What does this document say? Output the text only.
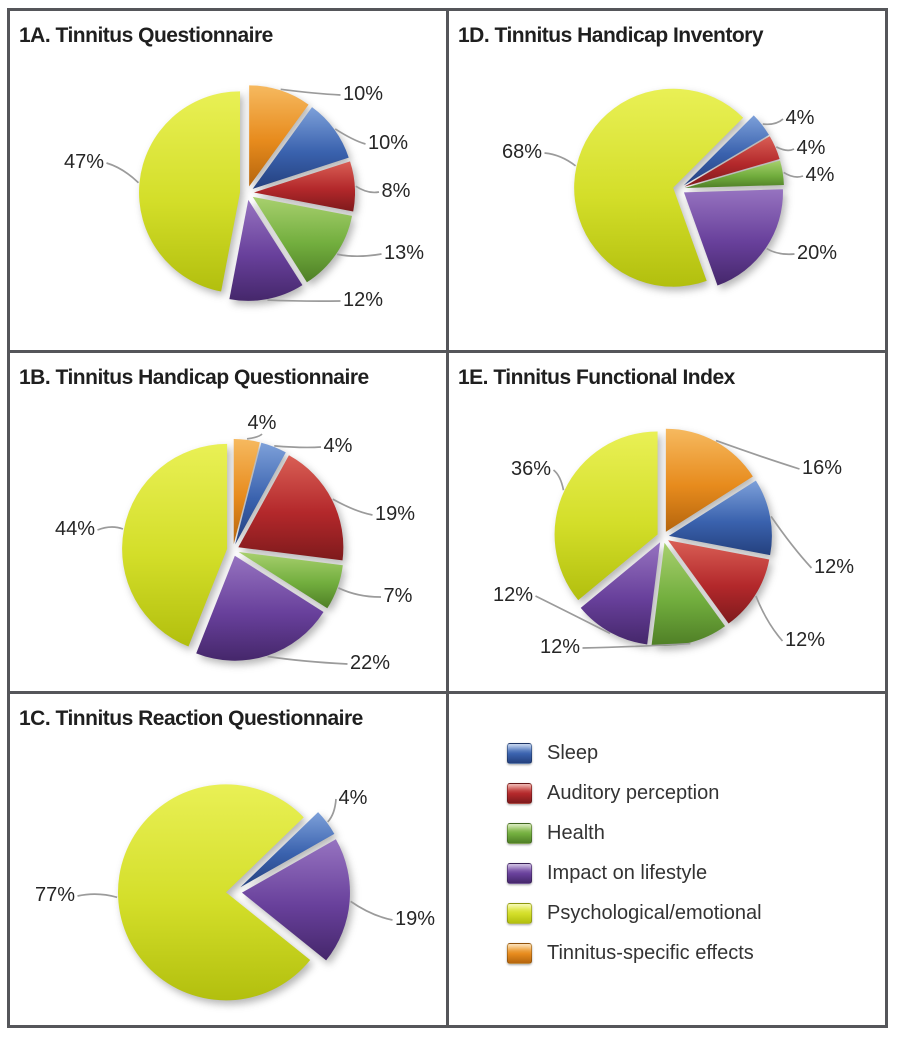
10%
10%
8%
13%
12%
47%
1A. Tinnitus Questionnaire
4%
4%
4%
20%
68%
1D. Tinnitus Handicap Inventory
4%
4%
19%
7%
22%
44%
1B. Tinnitus Handicap Questionnaire
16%
12%
12%
12%
12%
36%
1E. Tinnitus Functional Index
4%
19%
77%
1C. Tinnitus Reaction Questionnaire
Sleep
Auditory perception
Health
Impact on lifestyle
Psychological/emotional
Tinnitus-specific effects
